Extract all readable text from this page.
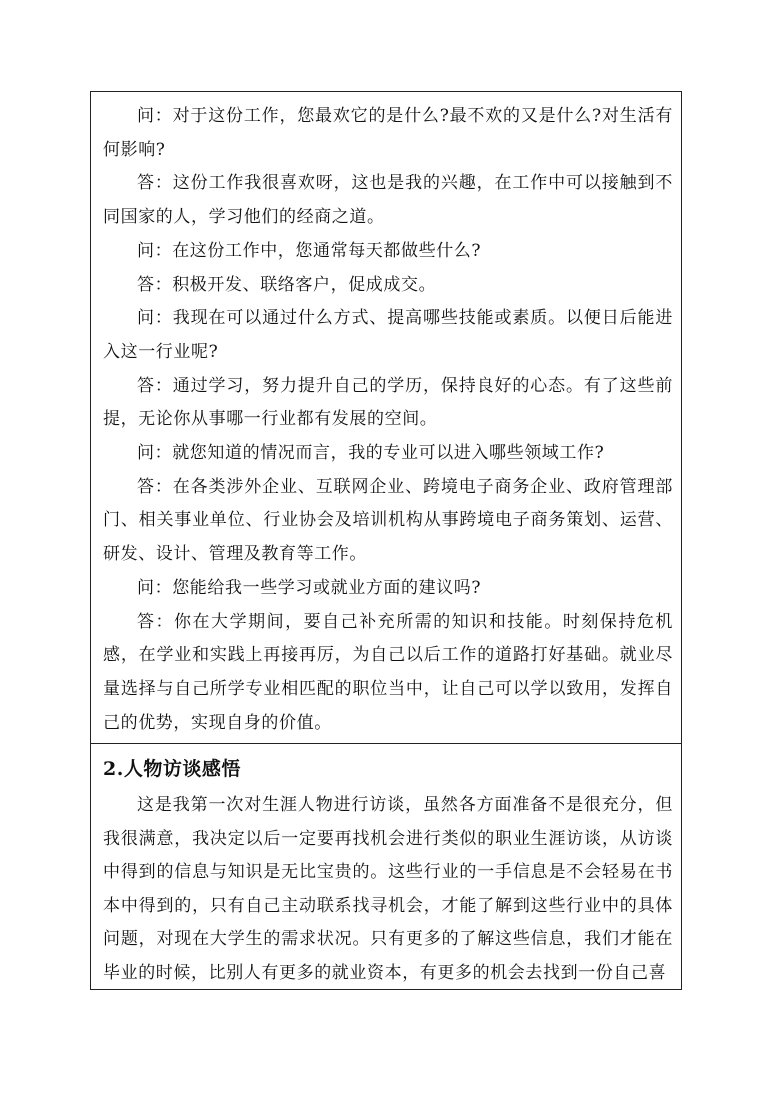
问：对于这份工作，您最欢它的是什么?最不欢的又是什么?对生活有何影响?

答：这份工作我很喜欢呀，这也是我的兴趣，在工作中可以接触到不同国家的人，学习他们的经商之道。

问：在这份工作中，您通常每天都做些什么?

答：积极开发、联络客户，促成成交。

问：我现在可以通过什么方式、提高哪些技能或素质。以便日后能进入这一行业呢?

答：通过学习，努力提升自己的学历，保持良好的心态。有了这些前提，无论你从事哪一行业都有发展的空间。

问：就您知道的情况而言，我的专业可以进入哪些领域工作?

答：在各类涉外企业、互联网企业、跨境电子商务企业、政府管理部门、相关事业单位、行业协会及培训机构从事跨境电子商务策划、运营、研发、设计、管理及教育等工作。

问：您能给我一些学习或就业方面的建议吗?

答：你在大学期间，要自己补充所需的知识和技能。时刻保持危机感，在学业和实践上再接再厉，为自己以后工作的道路打好基础。就业尽量选择与自己所学专业相匹配的职位当中，让自己可以学以致用，发挥自己的优势，实现自身的价值。

2.人物访谈感悟

这是我第一次对生涯人物进行访谈，虽然各方面准备不是很充分，但我很满意，我决定以后一定要再找机会进行类似的职业生涯访谈，从访谈中得到的信息与知识是无比宝贵的。这些行业的一手信息是不会轻易在书本中得到的，只有自己主动联系找寻机会，才能了解到这些行业中的具体问题，对现在大学生的需求状况。只有更多的了解这些信息，我们才能在毕业的时候，比别人有更多的就业资本，有更多的机会去找到一份自己喜
